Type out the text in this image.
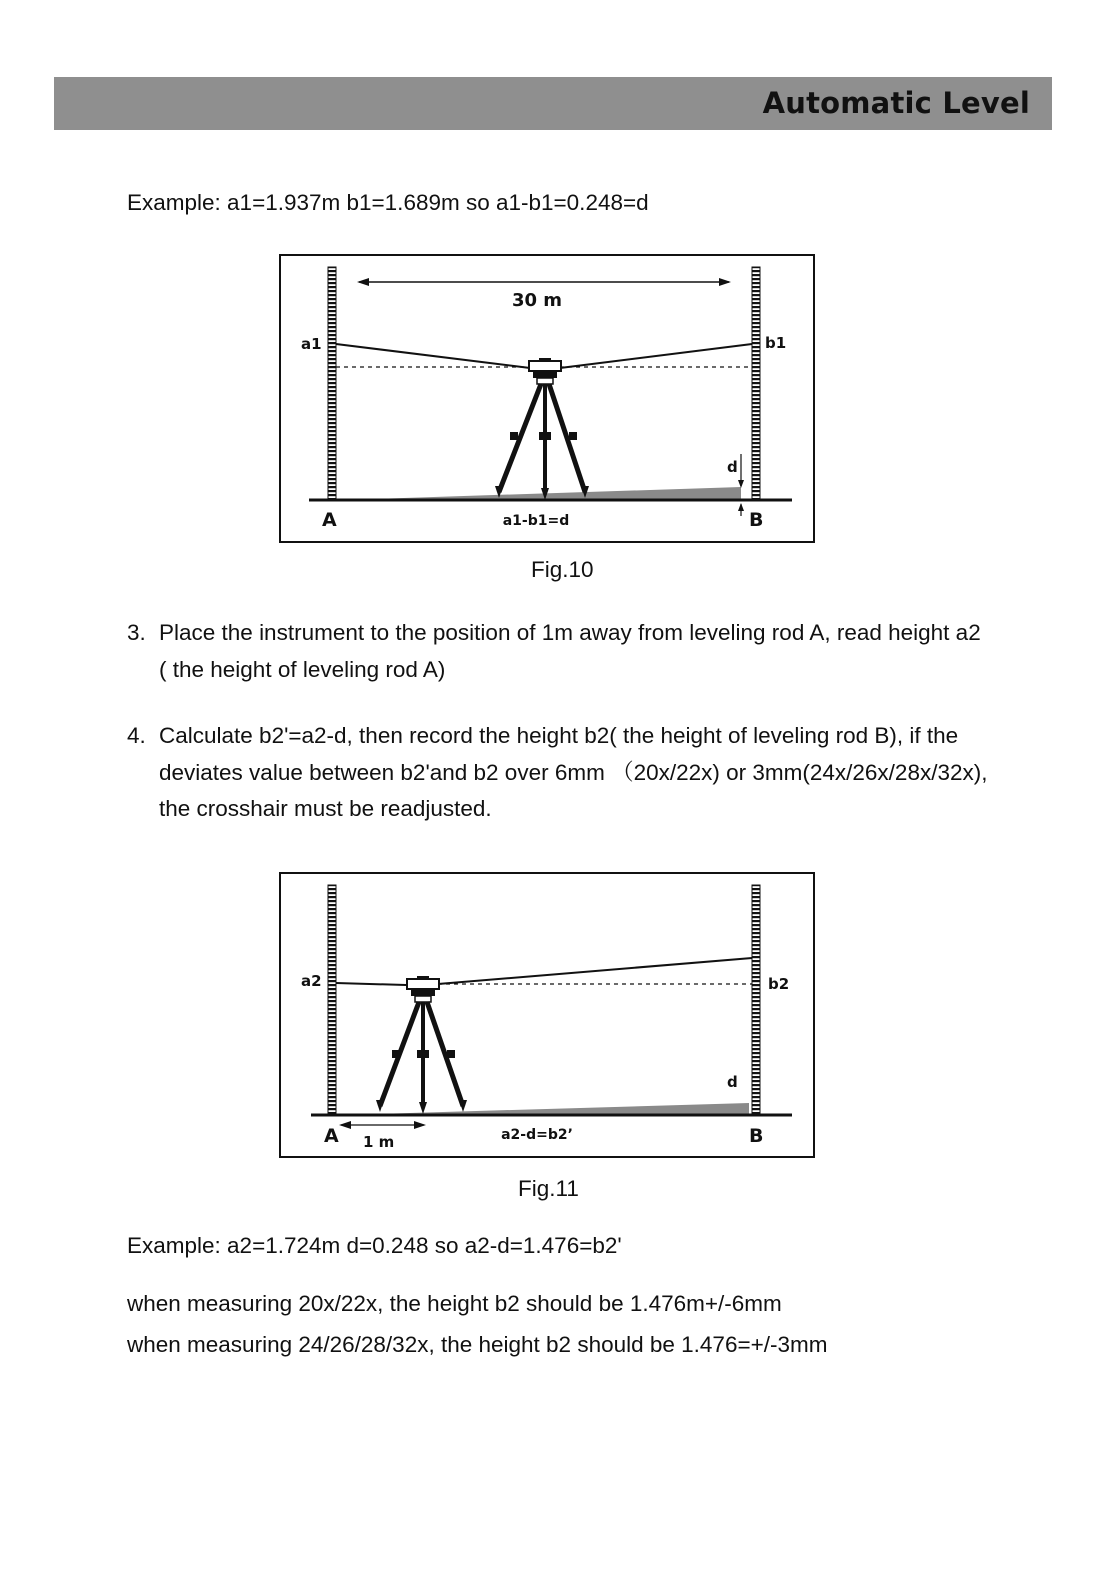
Automatic Level
Example: a1=1.937m b1=1.689m so a1-b1=0.248=d
30 m
d
a1	b1
A	B
a1-b1=d
Fig.10
3. Place the instrument to the position of 1m away from leveling rod A, read height a2
( the height of leveling rod A)
4. Calculate b2'=a2-d, then record the height b2( the height of leveling rod B), if the
deviates value between b2'and b2 over 6mm （20x/22x) or 3mm(24x/26x/28x/32x),
the crosshair must be readjusted.
1 m
a2	b2
d
A	B
a2-d=b2’
Fig.11
Example: a2=1.724m d=0.248 so a2-d=1.476=b2'
when measuring 20x/22x, the height b2 should be 1.476m+/-6mm
when measuring 24/26/28/32x, the height b2 should be 1.476=+/-3mm
